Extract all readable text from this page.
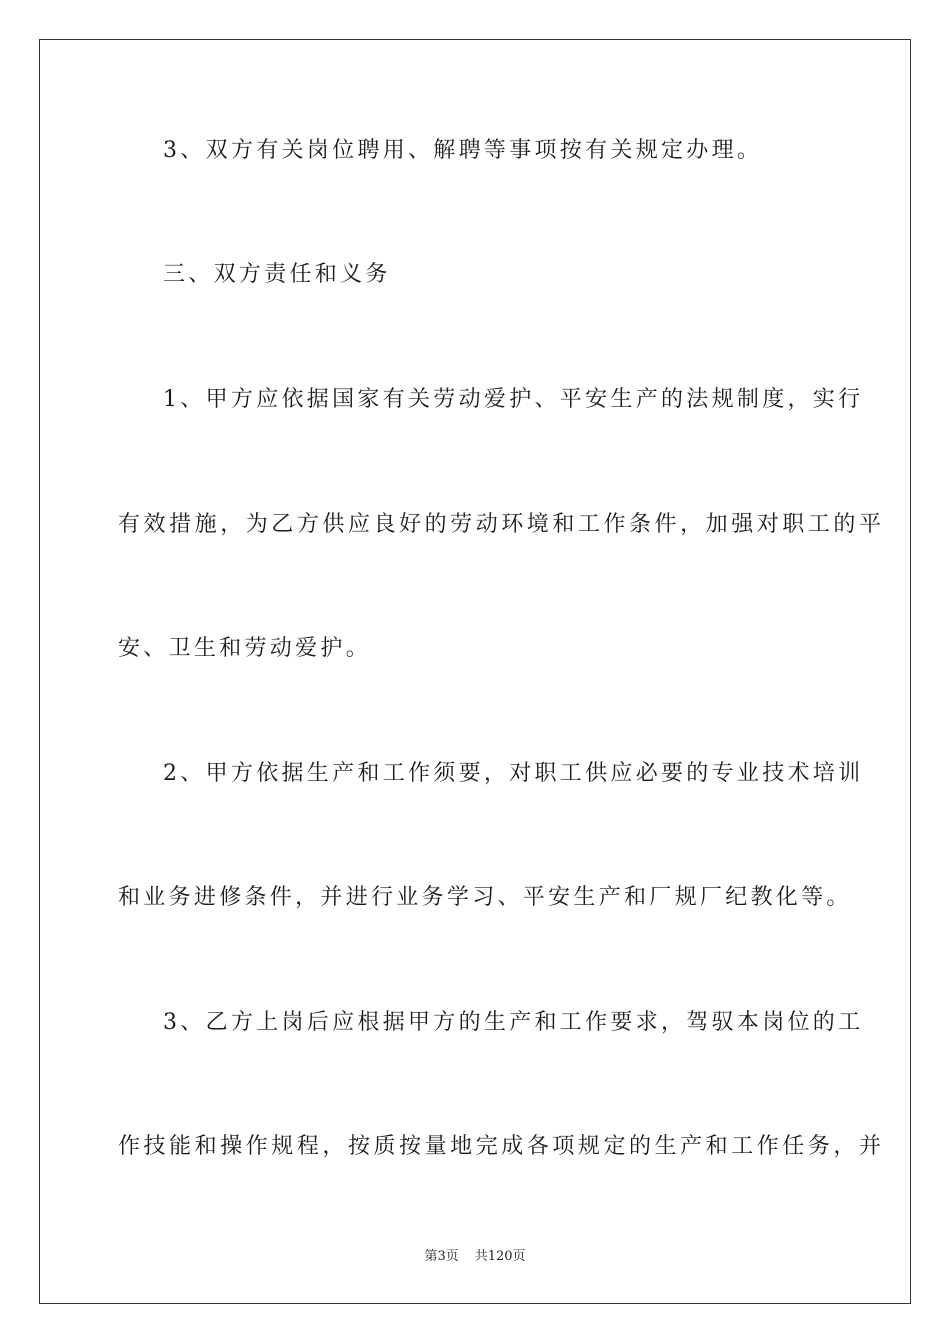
3、双方有关岗位聘用、解聘等事项按有关规定办理。
三、双方责任和义务
1、甲方应依据国家有关劳动爱护、平安生产的法规制度，实行
有效措施，为乙方供应良好的劳动环境和工作条件，加强对职工的平
安、卫生和劳动爱护。
2、甲方依据生产和工作须要，对职工供应必要的专业技术培训
和业务进修条件，并进行业务学习、平安生产和厂规厂纪教化等。
3、乙方上岗后应根据甲方的生产和工作要求，驾驭本岗位的工
作技能和操作规程，按质按量地完成各项规定的生产和工作任务，并
第3页 共120页
